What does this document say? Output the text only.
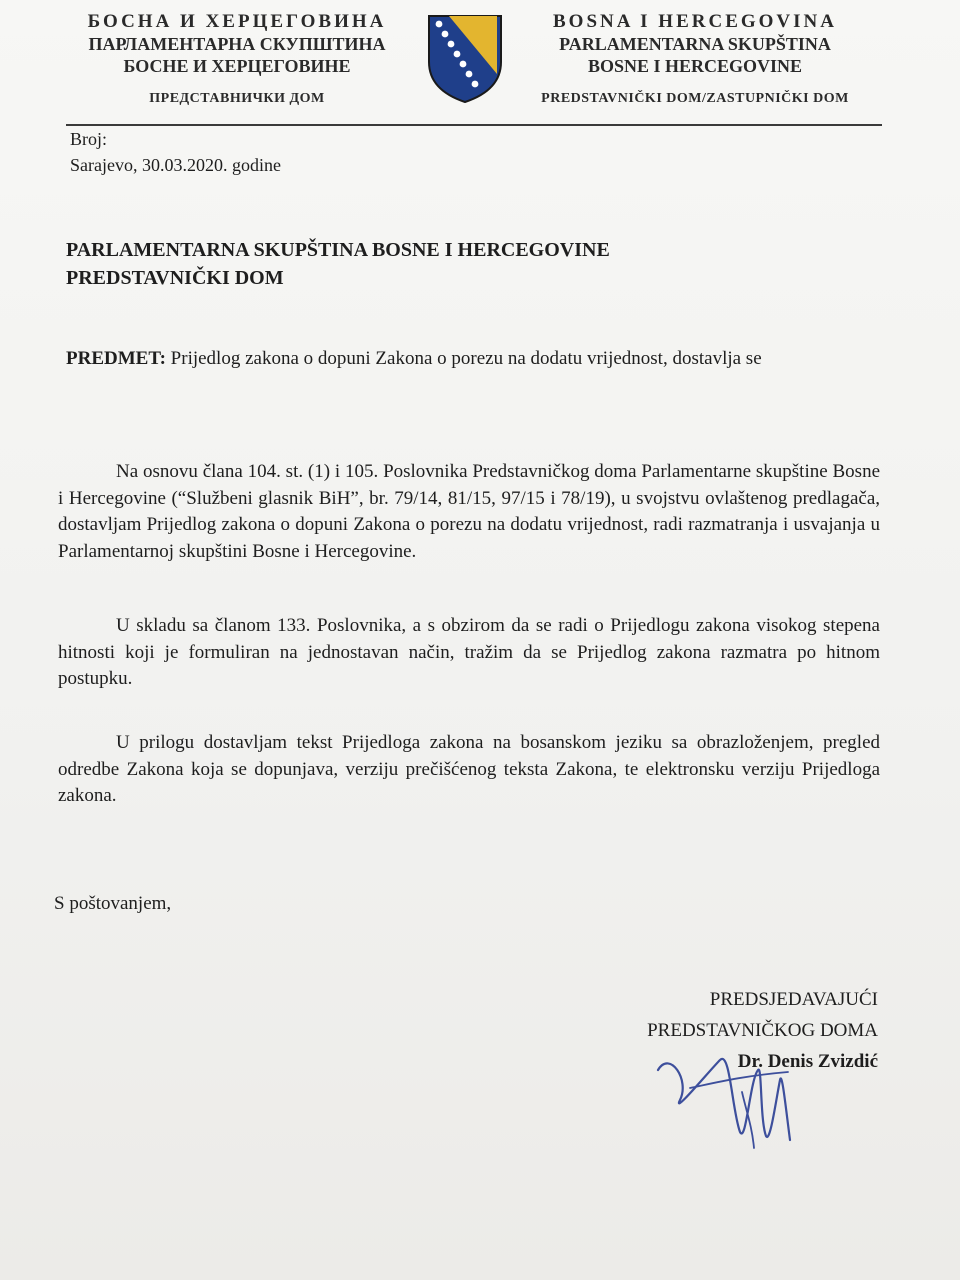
БОСНА И ХЕРЦЕГОВИНА
ПАРЛАМЕНТАРНА СКУПШТИНА
БОСНЕ И ХЕРЦЕГОВИНЕ
ПРЕДСТАВНИЧКИ ДОМ
BOSNA I HERCEGOVINA
PARLAMENTARNA SKUPŠTINA
BOSNE I HERCEGOVINE
PREDSTAVNIČKI DOM/ZASTUPNIČKI DOM
Broj:
Sarajevo, 30.03.2020. godine
PARLAMENTARNA SKUPŠTINA BOSNE I HERCEGOVINE
PREDSTAVNIČKI DOM
PREDMET: Prijedlog zakona o dopuni Zakona o porezu na dodatu vrijednost, dostavlja se
Na osnovu člana 104. st. (1) i 105. Poslovnika Predstavničkog doma Parlamentarne skupštine Bosne i Hercegovine (“Službeni glasnik BiH”, br. 79/14, 81/15, 97/15 i 78/19), u svojstvu ovlaštenog predlagača, dostavljam Prijedlog zakona o dopuni Zakona o porezu na dodatu vrijednost, radi razmatranja i usvajanja u Parlamentarnoj skupštini Bosne i Hercegovine.
U skladu sa članom 133. Poslovnika, a s obzirom da se radi o Prijedlogu zakona visokog stepena hitnosti koji je formuliran na jednostavan način, tražim da se Prijedlog zakona razmatra po hitnom postupku.
U prilogu dostavljam tekst Prijedloga zakona na bosanskom jeziku sa obrazloženjem, pregled odredbe Zakona koja se dopunjava, verziju prečišćenog teksta Zakona, te elektronsku verziju Prijedloga zakona.
S poštovanjem,
PREDSJEDAVAJUĆI
PREDSTAVNIČKOG DOMA
Dr. Denis Zvizdić
